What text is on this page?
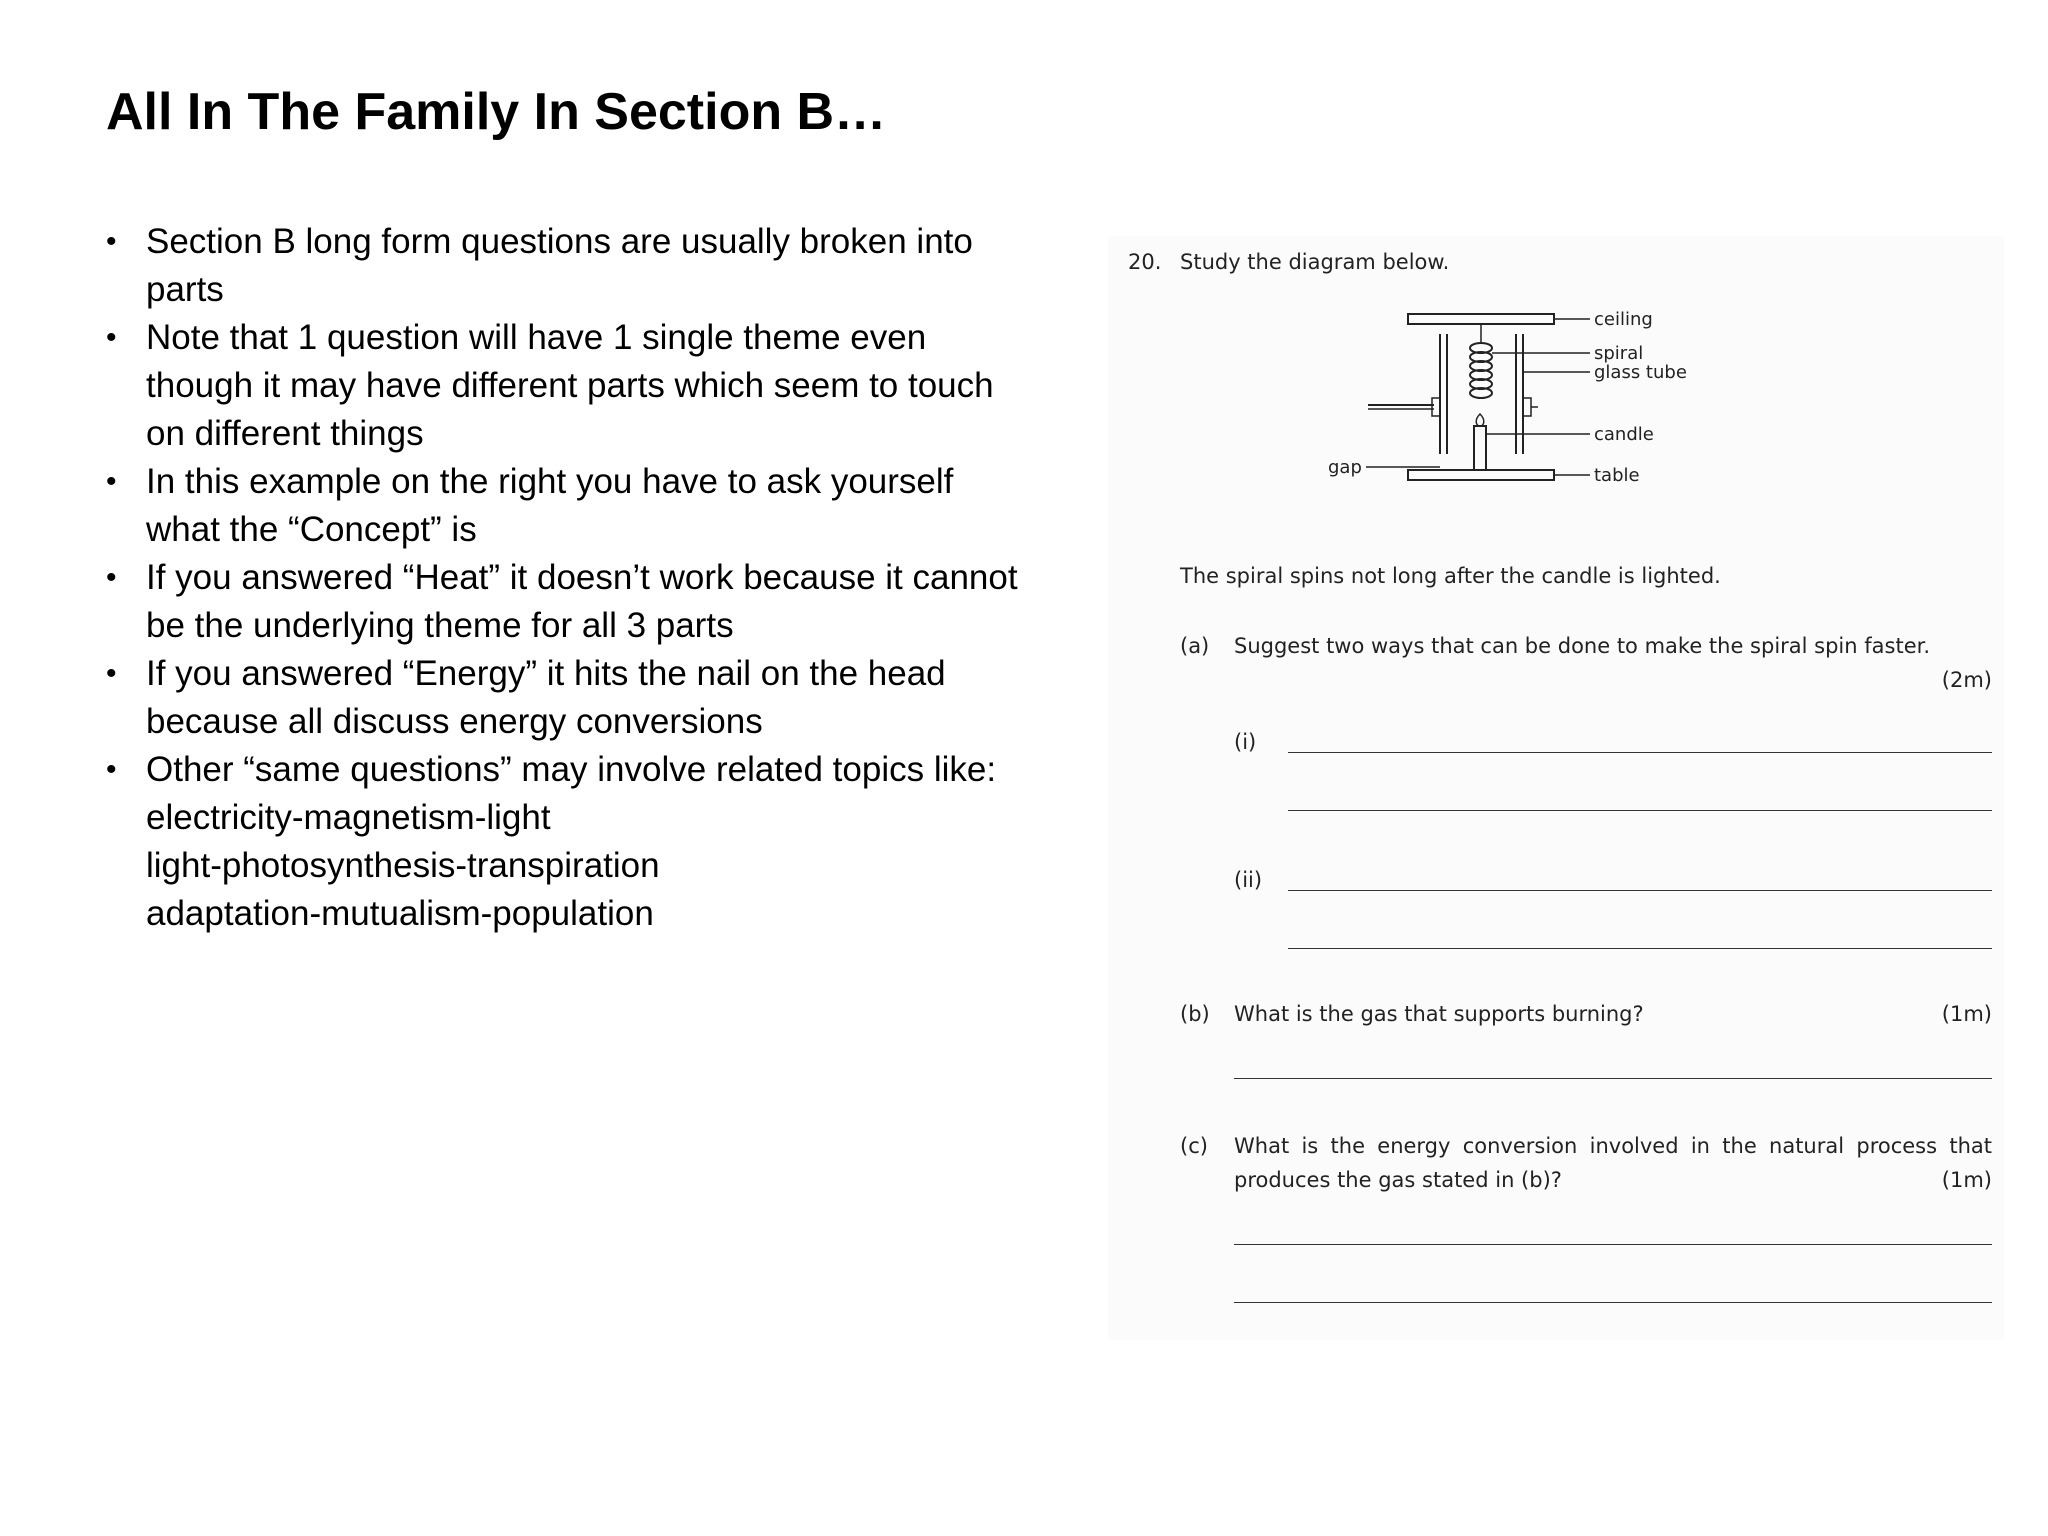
All In The Family In Section B…
• Section B long form questions are usually broken into
parts
• Note that 1 question will have 1 single theme even
though it may have different parts which seem to touch
on different things
• In this example on the right you have to ask yourself
what the “Concept” is
• If you answered “Heat” it doesn’t work because it cannot
be the underlying theme for all 3 parts
• If you answered “Energy” it hits the nail on the head
because all discuss energy conversions
• Other “same questions” may involve related topics like:
electricity-magnetism-light
light-photosynthesis-transpiration
adaptation-mutualism-population
20. Study the diagram below.
ceiling
spiral
glass tube
candle
table
gap
The spiral spins not long after the candle is lighted.
(a) Suggest two ways that can be done to make the spiral spin faster.
(2m)
(i)
(ii)
(b) What is the gas that supports burning?	(1m)
(c) What is the energy conversion involved in the natural process that
produces the gas stated in (b)?	(1m)
